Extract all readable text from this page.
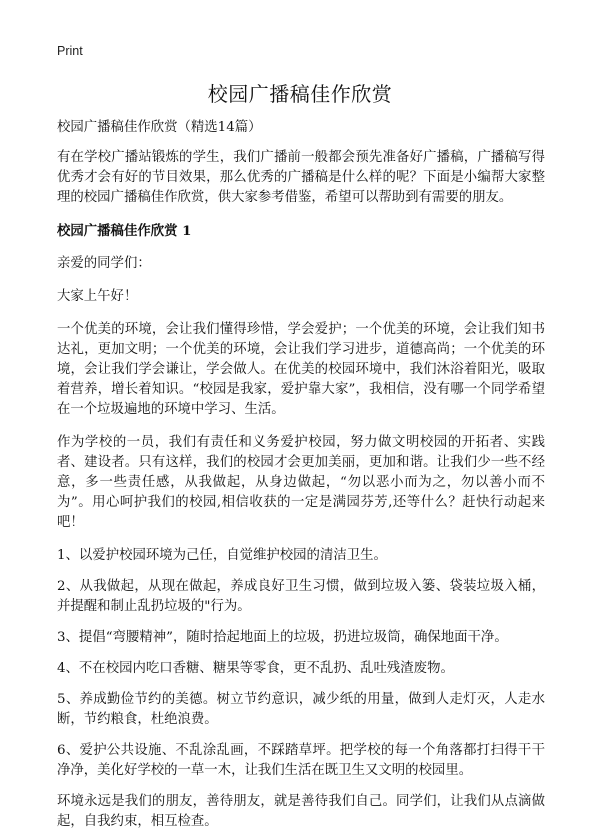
Print
校园广播稿佳作欣赏

校园广播稿佳作欣赏（精选14篇）

有在学校广播站锻炼的学生，我们广播前一般都会预先准备好广播稿，广播稿写得优秀才会有好的节目效果，那么优秀的广播稿是什么样的呢？下面是小编帮大家整理的校园广播稿佳作欣赏，供大家参考借鉴，希望可以帮助到有需要的朋友。

校园广播稿佳作欣赏 1

亲爱的同学们：

大家上午好！

一个优美的环境，会让我们懂得珍惜，学会爱护；一个优美的环境，会让我们知书达礼，更加文明；一个优美的环境，会让我们学习进步，道德高尚；一个优美的环境，会让我们学会谦让，学会做人。在优美的校园环境中，我们沐浴着阳光，吸取着营养，增长着知识。“校园是我家，爱护靠大家”，我相信，没有哪一个同学希望在一个垃圾遍地的环境中学习、生活。

作为学校的一员，我们有责任和义务爱护校园，努力做文明校园的开拓者、实践者、建设者。只有这样，我们的校园才会更加美丽，更加和谐。让我们少一些不经意，多一些责任感，从我做起，从身边做起，“勿以恶小而为之，勿以善小而不为”。用心呵护我们的校园,相信收获的一定是满园芬芳,还等什么？赶快行动起来吧！

1、以爱护校园环境为己任，自觉维护校园的清洁卫生。

2、从我做起，从现在做起，养成良好卫生习惯，做到垃圾入篓、袋装垃圾入桶，并提醒和制止乱扔垃圾的"行为。

3、提倡“弯腰精神”，随时拾起地面上的垃圾，扔进垃圾筒，确保地面干净。

4、不在校园内吃口香糖、糖果等零食，更不乱扔、乱吐残渣废物。

5、养成勤俭节约的美德。树立节约意识，减少纸的用量，做到人走灯灭，人走水断，节约粮食，杜绝浪费。

6、爱护公共设施、不乱涂乱画，不踩踏草坪。把学校的每一个角落都打扫得干干净净，美化好学校的一草一木，让我们生活在既卫生又文明的校园里。

环境永远是我们的朋友，善待朋友，就是善待我们自己。同学们，让我们从点滴做起，自我约束，相互检查。
